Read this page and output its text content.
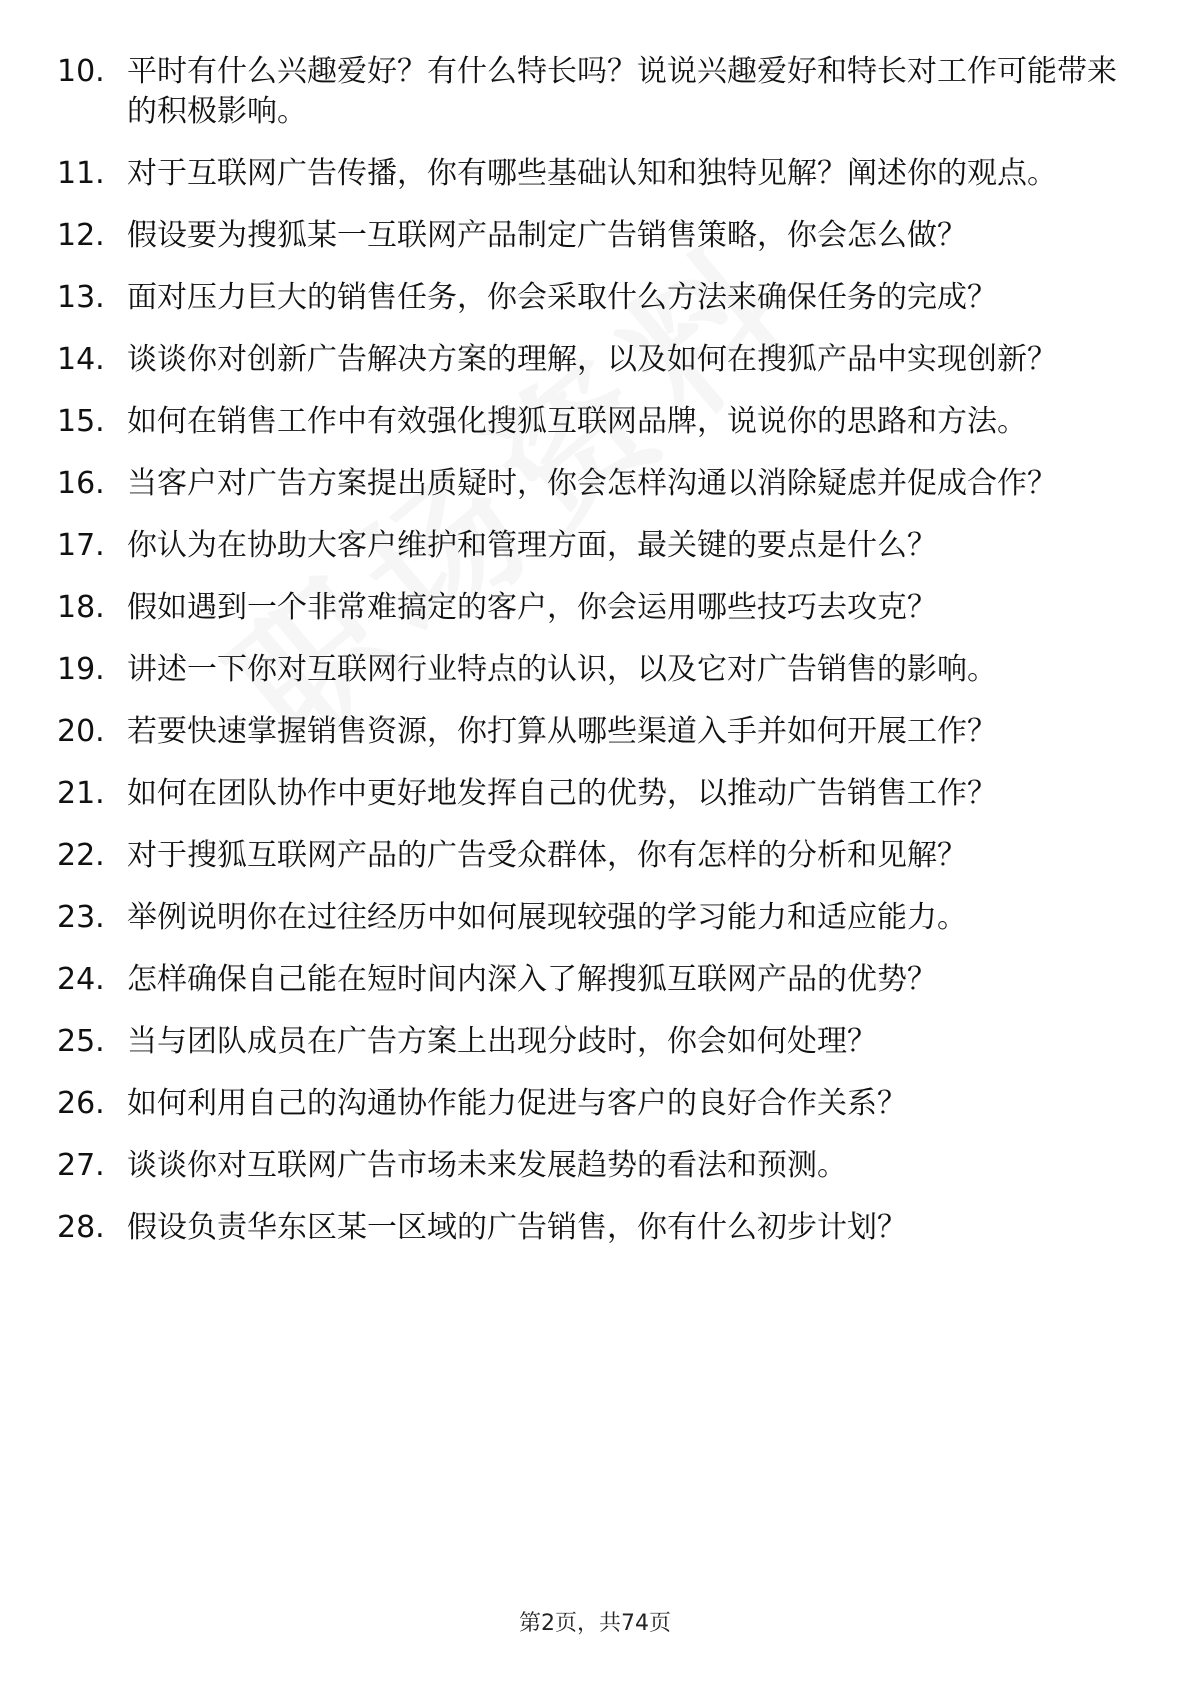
10. 平时有什么兴趣爱好？有什么特长吗？说说兴趣爱好和特长对工作可能带来的积极影响。
11. 对于互联网广告传播，你有哪些基础认知和独特见解？阐述你的观点。
12. 假设要为搜狐某一互联网产品制定广告销售策略，你会怎么做？
13. 面对压力巨大的销售任务，你会采取什么方法来确保任务的完成？
14. 谈谈你对创新广告解决方案的理解，以及如何在搜狐产品中实现创新？
15. 如何在销售工作中有效强化搜狐互联网品牌，说说你的思路和方法。
16. 当客户对广告方案提出质疑时，你会怎样沟通以消除疑虑并促成合作？
17. 你认为在协助大客户维护和管理方面，最关键的要点是什么？
18. 假如遇到一个非常难搞定的客户，你会运用哪些技巧去攻克？
19. 讲述一下你对互联网行业特点的认识，以及它对广告销售的影响。
20. 若要快速掌握销售资源，你打算从哪些渠道入手并如何开展工作？
21. 如何在团队协作中更好地发挥自己的优势，以推动广告销售工作？
22. 对于搜狐互联网产品的广告受众群体，你有怎样的分析和见解？
23. 举例说明你在过往经历中如何展现较强的学习能力和适应能力。
24. 怎样确保自己能在短时间内深入了解搜狐互联网产品的优势？
25. 当与团队成员在广告方案上出现分歧时，你会如何处理？
26. 如何利用自己的沟通协作能力促进与客户的良好合作关系？
27. 谈谈你对互联网广告市场未来发展趋势的看法和预测。
28. 假设负责华东区某一区域的广告销售，你有什么初步计划？
第2页，共74页
